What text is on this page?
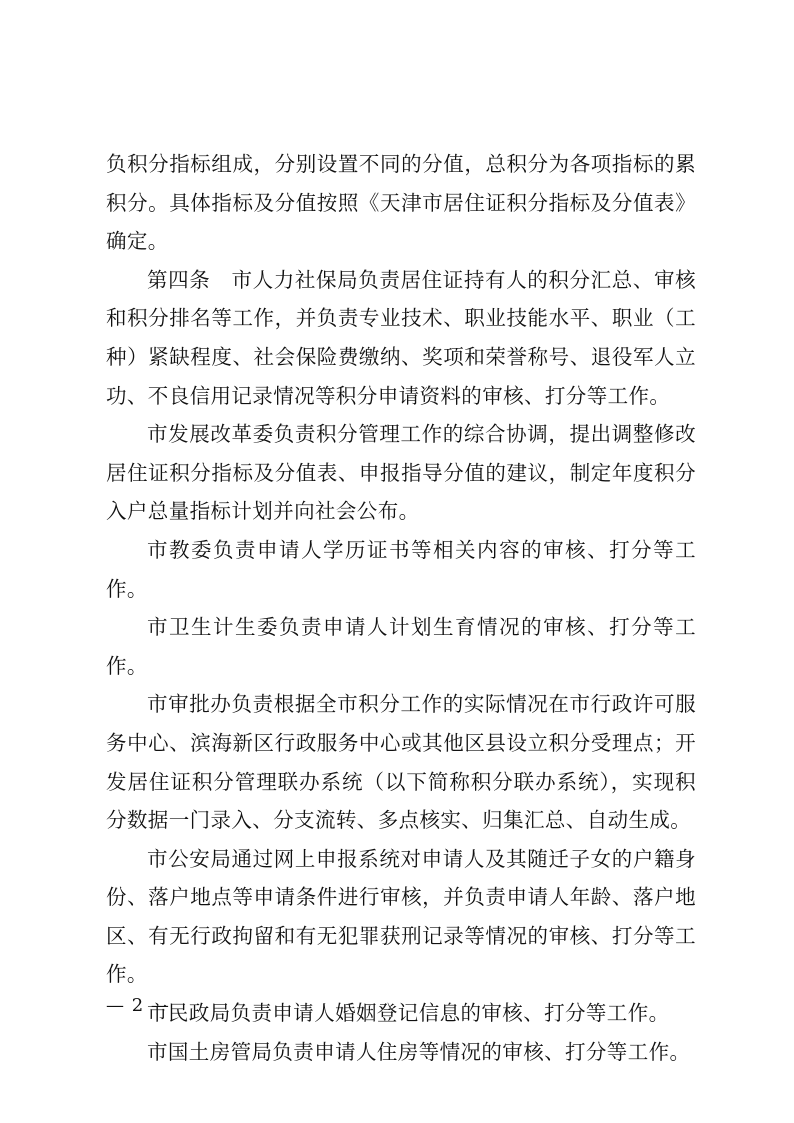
负积分指标组成，分别设置不同的分值，总积分为各项指标的累积分。具体指标及分值按照《天津市居住证积分指标及分值表》确定。

第四条　市人力社保局负责居住证持有人的积分汇总、审核和积分排名等工作，并负责专业技术、职业技能水平、职业（工种）紧缺程度、社会保险费缴纳、奖项和荣誉称号、退役军人立功、不良信用记录情况等积分申请资料的审核、打分等工作。

市发展改革委负责积分管理工作的综合协调，提出调整修改居住证积分指标及分值表、申报指导分值的建议，制定年度积分入户总量指标计划并向社会公布。

市教委负责申请人学历证书等相关内容的审核、打分等工作。

市卫生计生委负责申请人计划生育情况的审核、打分等工作。

市审批办负责根据全市积分工作的实际情况在市行政许可服务中心、滨海新区行政服务中心或其他区县设立积分受理点；开发居住证积分管理联办系统（以下简称积分联办系统），实现积分数据一门录入、分支流转、多点核实、归集汇总、自动生成。

市公安局通过网上申报系统对申请人及其随迁子女的户籍身份、落户地点等申请条件进行审核，并负责申请人年龄、落户地区、有无行政拘留和有无犯罪获刑记录等情况的审核、打分等工作。

市民政局负责申请人婚姻登记信息的审核、打分等工作。

市国土房管局负责申请人住房等情况的审核、打分等工作。

— 2 —
